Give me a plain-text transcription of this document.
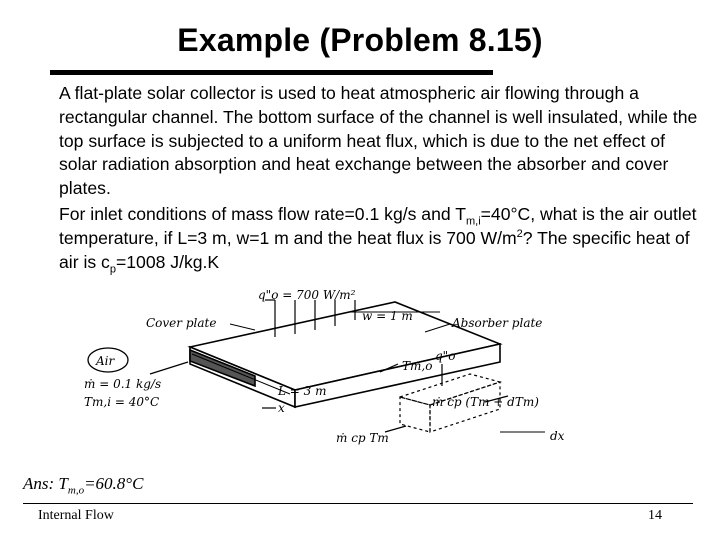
Example (Problem 8.15)

A flat-plate solar collector is used to heat atmospheric air flowing through a rectangular channel. The bottom surface of the channel is well insulated, while the top surface is subjected to a uniform heat flux, which is due to the net effect of solar radiation absorption and heat exchange between the absorber and cover plates.

For inlet conditions of mass flow rate=0.1 kg/s and $T_{m,i}=40^\circ C$, what is the air outlet temperature, if L=3 m, w=1 m and the heat flux is 700 $W/m^2$? The specific heat of air is $c_p=1008$ J/kg.K

q"o = 700 W/m²
Cover plate	w = 1 m	Absorber plate
Air
ṁ = 0.1 kg/s
Tm,i = 40°C
Tm,o
L = 3 m
x
q"o
ṁ cp (Tm + dTm)
ṁ cp Tm	dx
Ans: $T_{m,o}=60.8^\circ C$
Internal Flow	14
